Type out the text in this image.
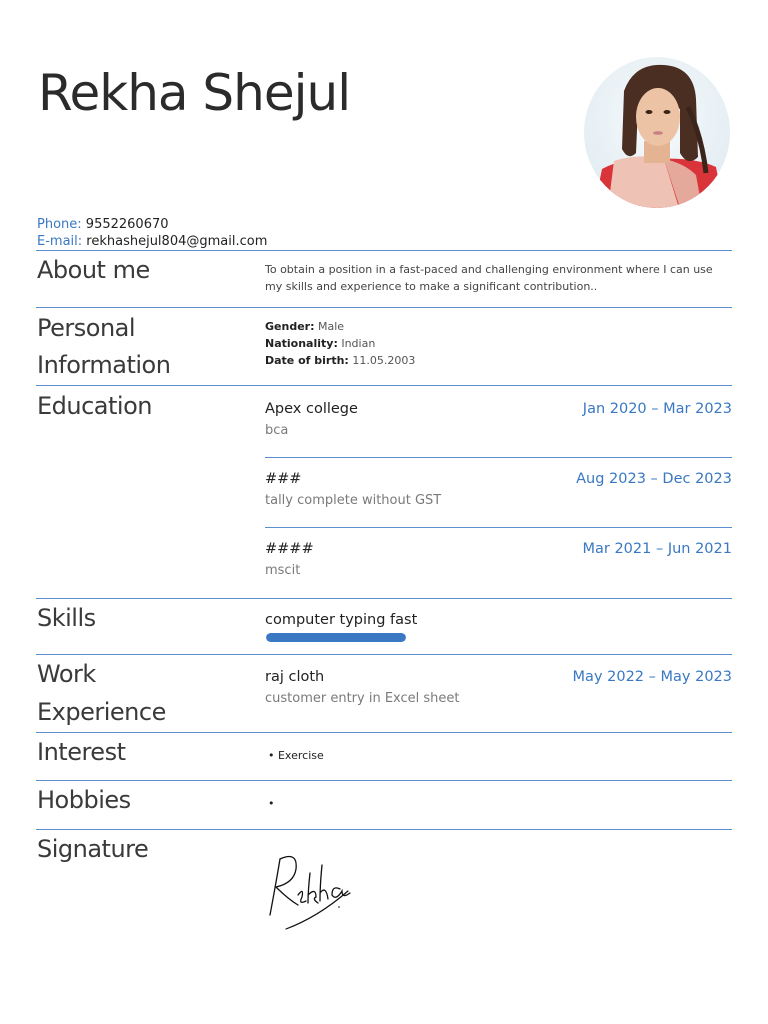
Rekha Shejul
Phone: 9552260670
E-mail: rekhashejul804@gmail.com
About me	To obtain a position in a fast-paced and challenging environment where I can use my skills and experience to make a significant contribution..
Personal
Information
Gender: Male
Nationality: Indian
Date of birth: 11.05.2003
Education	Apex college	Jan 2020 – Mar 2023
bca
###	Aug 2023 – Dec 2023
tally complete without GST
####	Mar 2021 – Jun 2021
mscit
Skills	computer typing fast
Work
Experience
raj cloth	May 2022 – May 2023
customer entry in Excel sheet
Interest	• Exercise
Hobbies	•
Signature
